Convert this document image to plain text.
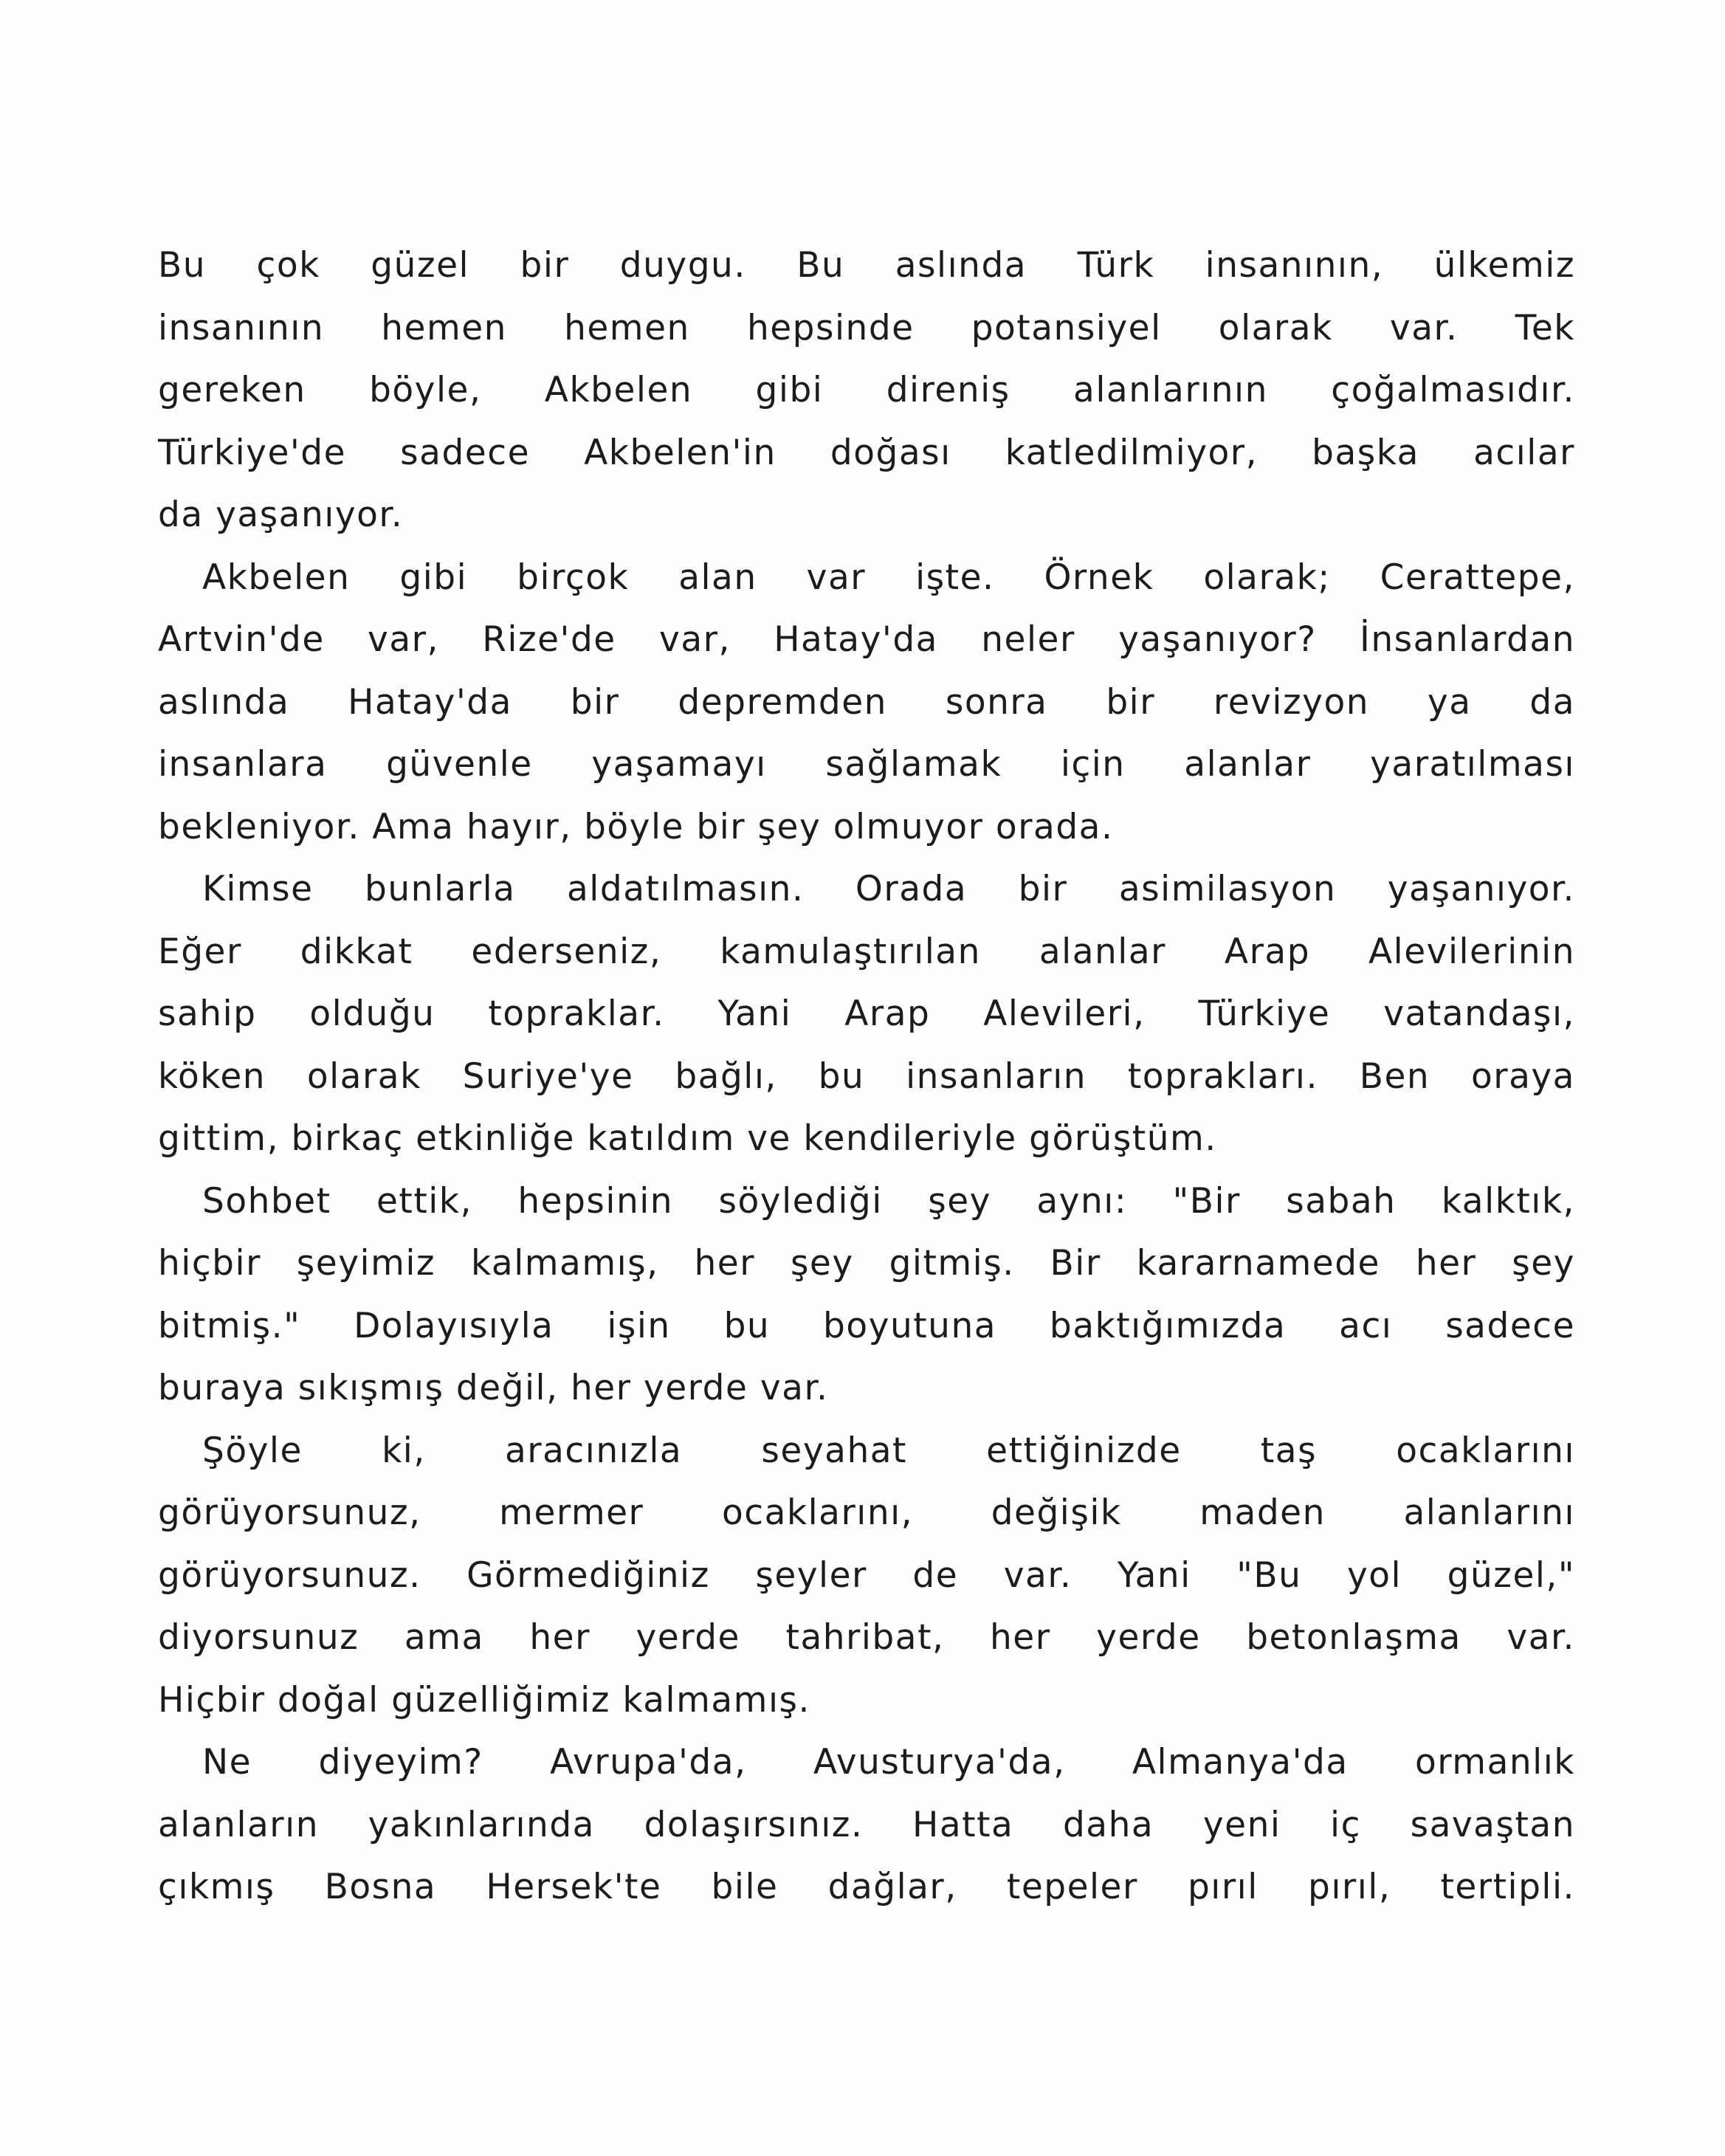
Bu çok güzel bir duygu. Bu aslında Türk insanının, ülkemiz
insanının hemen hemen hepsinde potansiyel olarak var. Tek
gereken böyle, Akbelen gibi direniş alanlarının çoğalmasıdır.
Türkiye'de sadece Akbelen'in doğası katledilmiyor, başka acılar
da yaşanıyor.
Akbelen gibi birçok alan var işte. Örnek olarak; Cerattepe,
Artvin'de var, Rize'de var, Hatay'da neler yaşanıyor? İnsanlardan
aslında Hatay'da bir depremden sonra bir revizyon ya da
insanlara güvenle yaşamayı sağlamak için alanlar yaratılması
bekleniyor. Ama hayır, böyle bir şey olmuyor orada.
Kimse bunlarla aldatılmasın. Orada bir asimilasyon yaşanıyor.
Eğer dikkat ederseniz, kamulaştırılan alanlar Arap Alevilerinin
sahip olduğu topraklar. Yani Arap Alevileri, Türkiye vatandaşı,
köken olarak Suriye'ye bağlı, bu insanların toprakları. Ben oraya
gittim, birkaç etkinliğe katıldım ve kendileriyle görüştüm.
Sohbet ettik, hepsinin söylediği şey aynı: "Bir sabah kalktık,
hiçbir şeyimiz kalmamış, her şey gitmiş. Bir kararnamede her şey
bitmiş." Dolayısıyla işin bu boyutuna baktığımızda acı sadece
buraya sıkışmış değil, her yerde var.
Şöyle ki, aracınızla seyahat ettiğinizde taş ocaklarını
görüyorsunuz, mermer ocaklarını, değişik maden alanlarını
görüyorsunuz. Görmediğiniz şeyler de var. Yani "Bu yol güzel,"
diyorsunuz ama her yerde tahribat, her yerde betonlaşma var.
Hiçbir doğal güzelliğimiz kalmamış.
Ne diyeyim? Avrupa'da, Avusturya'da, Almanya'da ormanlık
alanların yakınlarında dolaşırsınız. Hatta daha yeni iç savaştan
çıkmış Bosna Hersek'te bile dağlar, tepeler pırıl pırıl, tertipli.
